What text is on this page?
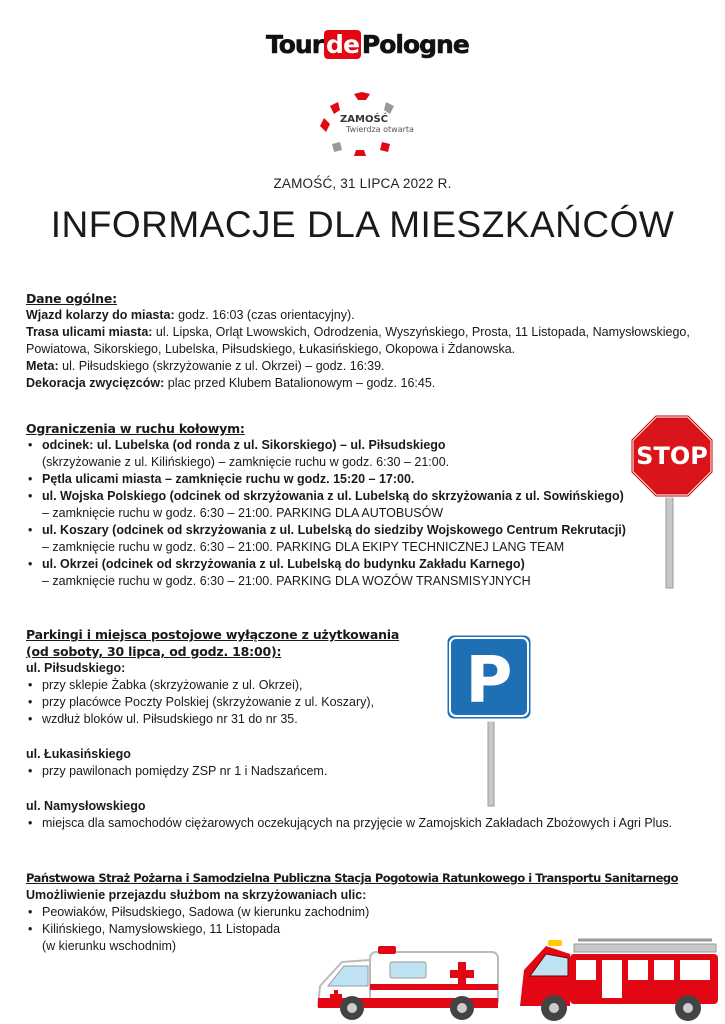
Tour de Pologne
ZAMOŚĆ
Twierdza otwarta
ZAMOŚĆ, 31 LIPCA 2022 R.
INFORMACJE DLA MIESZKAŃCÓW
Dane ogólne:

Wjazd kolarzy do miasta: godz. 16:03 (czas orientacyjny).

Trasa ulicami miasta: ul. Lipska, Orląt Lwowskich, Odrodzenia, Wyszyńskiego, Prosta, 11 Listopada, Namysłowskiego, Powiatowa, Sikorskiego, Lubelska, Piłsudskiego, Łukasińskiego, Okopowa i Żdanowska.

Meta: ul. Piłsudskiego (skrzyżowanie z ul. Okrzei) – godz. 16:39.

Dekoracja zwycięzców: plac przed Klubem Batalionowym – godz. 16:45.

Ograniczenia w ruchu kołowym:
• odcinek: ul. Lubelska (od ronda z ul. Sikorskiego) – ul. Piłsudskiego
(skrzyżowanie z ul. Kilińskiego) – zamknięcie ruchu w godz. 6:30 – 21:00.
• Pętla ulicami miasta – zamknięcie ruchu w godz. 15:20 – 17:00.
• ul. Wojska Polskiego (odcinek od skrzyżowania z ul. Lubelską do skrzyżowania z ul. Sowińskiego)
– zamknięcie ruchu w godz. 6:30 – 21:00. PARKING DLA AUTOBUSÓW
• ul. Koszary (odcinek od skrzyżowania z ul. Lubelską do siedziby Wojskowego Centrum Rekrutacji)
– zamknięcie ruchu w godz. 6:30 – 21:00. PARKING DLA EKIPY TECHNICZNEJ LANG TEAM
• ul. Okrzei (odcinek od skrzyżowania z ul. Lubelską do budynku Zakładu Karnego)
– zamknięcie ruchu w godz. 6:30 – 21:00. PARKING DLA WOZÓW TRANSMISYJNYCH
STOP
Parkingi i miejsca postojowe wyłączone z użytkowania
(od soboty, 30 lipca, od godz. 18:00):
ul. Piłsudskiego:
• przy sklepie Żabka (skrzyżowanie z ul. Okrzei),
• przy placówce Poczty Polskiej (skrzyżowanie z ul. Koszary),
• wzdłuż bloków ul. Piłsudskiego nr 31 do nr 35.
ul. Łukasińskiego
• przy pawilonach pomiędzy ZSP nr 1 i Nadszańcem.
ul. Namysłowskiego
• miejsca dla samochodów ciężarowych oczekujących na przyjęcie w Zamojskich Zakładach Zbożowych i Agri Plus.
P
Państwowa Straż Pożarna i Samodzielna Publiczna Stacja Pogotowia Ratunkowego i Transportu Sanitarnego
Umożliwienie przejazdu służbom na skrzyżowaniach ulic:
• Peowiaków, Piłsudskiego, Sadowa (w kierunku zachodnim)
• Kilińskiego, Namysłowskiego, 11 Listopada
(w kierunku wschodnim)
